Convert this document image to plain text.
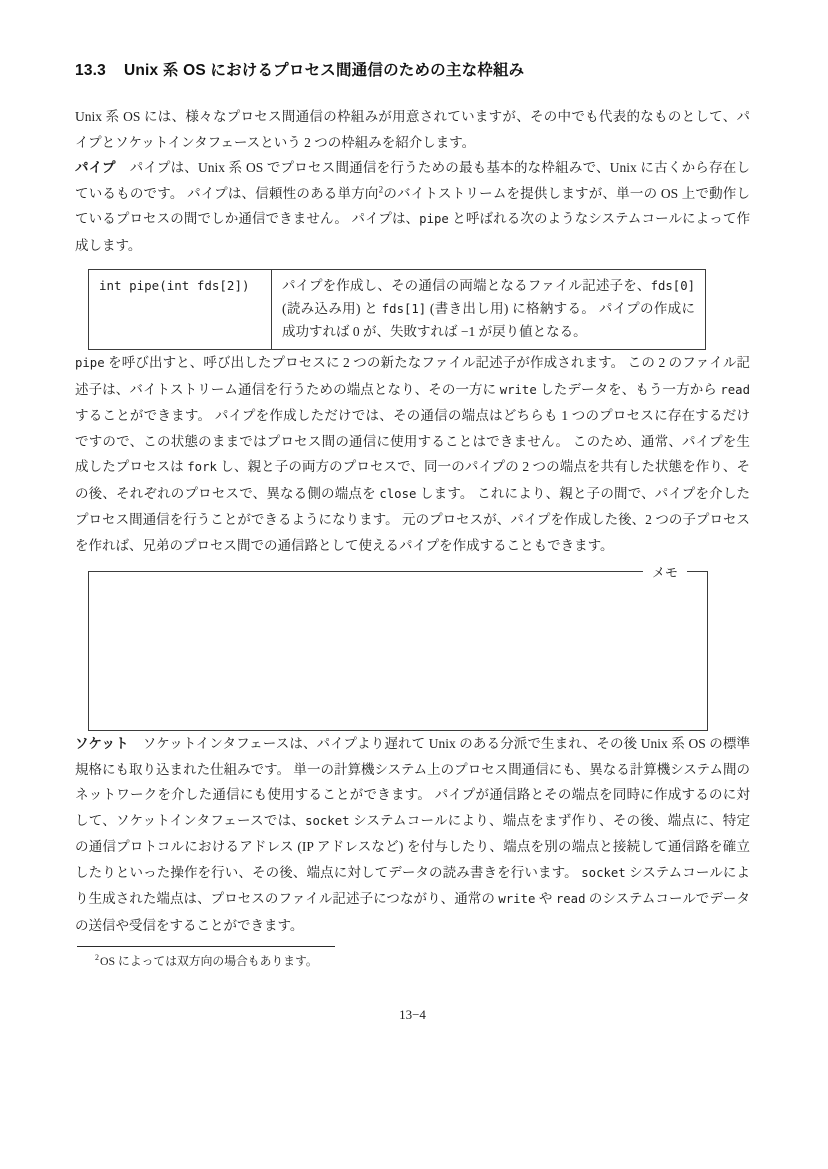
13.3 Unix 系 OS におけるプロセス間通信のための主な枠組み

Unix 系 OS には、様々なプロセス間通信の枠組みが用意されていますが、その中でも代表的なものとして、パイプとソケットインタフェースという 2 つの枠組みを紹介します。

パイプ パイプは、Unix 系 OS でプロセス間通信を行うための最も基本的な枠組みで、Unix に古くから存在しているものです。 パイプは、信頼性のある単方向$^2$のバイトストリームを提供しますが、単一の OS 上で動作しているプロセスの間でしか通信できません。 パイプは、pipe と呼ばれる次のようなシステムコールによって作成します。

int pipe(int fds[2])	パイプを作成し、その通信の両端となるファイル記述子を、fds[0] (読み込み用) と fds[1] (書き出し用) に格納する。 パイプの作成に成功すれば 0 が、失敗すれば −1 が戻り値となる。

pipe を呼び出すと、呼び出したプロセスに 2 つの新たなファイル記述子が作成されます。 この 2 のファイル記述子は、バイトストリーム通信を行うための端点となり、その一方に write したデータを、もう一方から read することができます。 パイプを作成しただけでは、その通信の端点はどちらも 1 つのプロセスに存在するだけですので、この状態のままではプロセス間の通信に使用することはできません。 このため、通常、パイプを生成したプロセスは fork し、親と子の両方のプロセスで、同一のパイプの 2 つの端点を共有した状態を作り、その後、それぞれのプロセスで、異なる側の端点を close します。 これにより、親と子の間で、パイプを介したプロセス間通信を行うことができるようになります。 元のプロセスが、パイプを作成した後、2 つの子プロセスを作れば、兄弟のプロセス間での通信路として使えるパイプを作成することもできます。

メモ

ソケット ソケットインタフェースは、パイプより遅れて Unix のある分派で生まれ、その後 Unix 系 OS の標準規格にも取り込まれた仕組みです。 単一の計算機システム上のプロセス間通信にも、異なる計算機システム間のネットワークを介した通信にも使用することができます。 パイプが通信路とその端点を同時に作成するのに対して、ソケットインタフェースでは、socket システムコールにより、端点をまず作り、その後、端点に、特定の通信プロトコルにおけるアドレス (IP アドレスなど) を付与したり、端点を別の端点と接続して通信路を確立したりといった操作を行い、その後、端点に対してデータの読み書きを行います。 socket システムコールにより生成された端点は、プロセスのファイル記述子につながり、通常の write や read のシステムコールでデータの送信や受信をすることができます。

$^2$OS によっては双方向の場合もあります。

13−4
